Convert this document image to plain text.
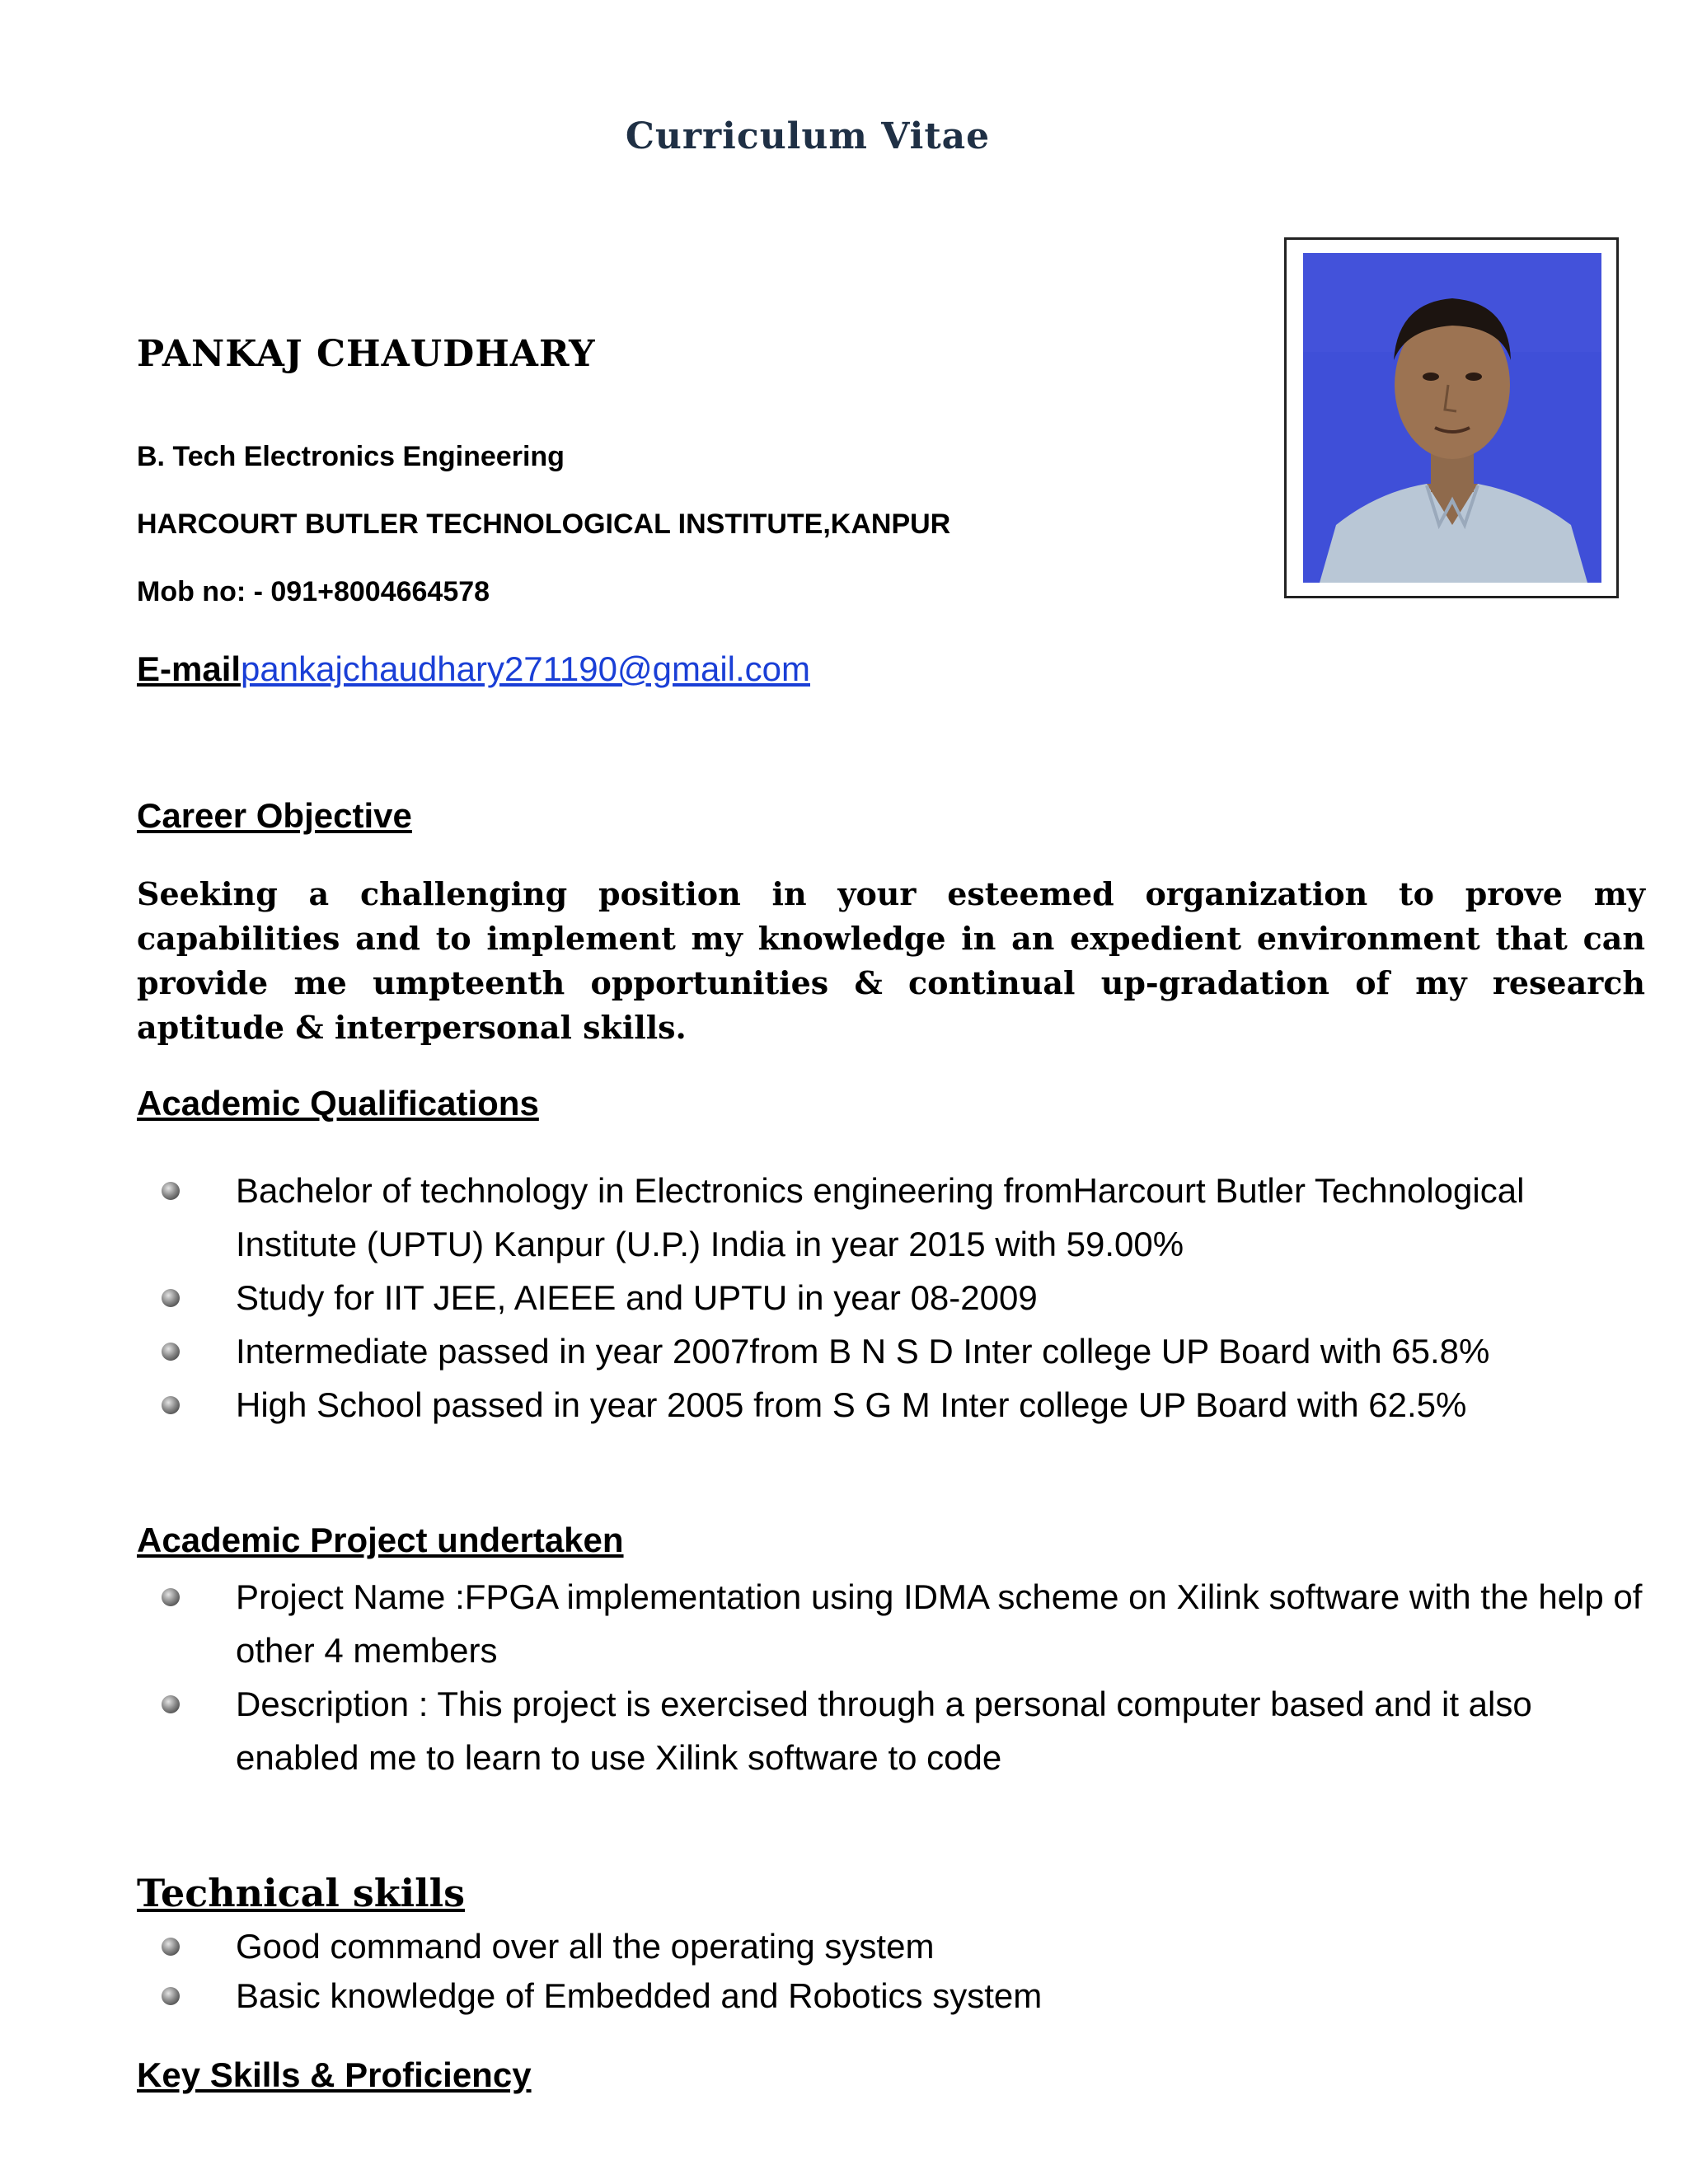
Curriculum Vitae
PANKAJ CHAUDHARY
B. Tech Electronics Engineering
HARCOURT BUTLER TECHNOLOGICAL INSTITUTE,KANPUR
Mob no: - 091+8004664578
E-mailpankajchaudhary271190@gmail.com
Career Objective
Seeking a challenging position in your esteemed organization to prove my capabilities and to implement my knowledge in an expedient environment that can provide me umpteenth opportunities & continual up-gradation of my research aptitude & interpersonal skills.
Academic Qualifications
Bachelor of technology in Electronics engineering fromHarcourt Butler Technological Institute (UPTU) Kanpur (U.P.) India in year 2015 with 59.00%
Study for IIT JEE, AIEEE and UPTU in year 08-2009
Intermediate passed in year 2007from B N S D Inter college UP Board with 65.8%
High School passed in year 2005 from S G M Inter college UP Board with 62.5%
Academic Project undertaken
Project Name :FPGA implementation using IDMA scheme on Xilink software with the help of other 4 members
Description : This project is exercised through a personal computer based and it also enabled me to learn to use Xilink software to code
Technical skills
Good command over all the operating system
Basic knowledge of Embedded and Robotics system
Key Skills & Proficiency
